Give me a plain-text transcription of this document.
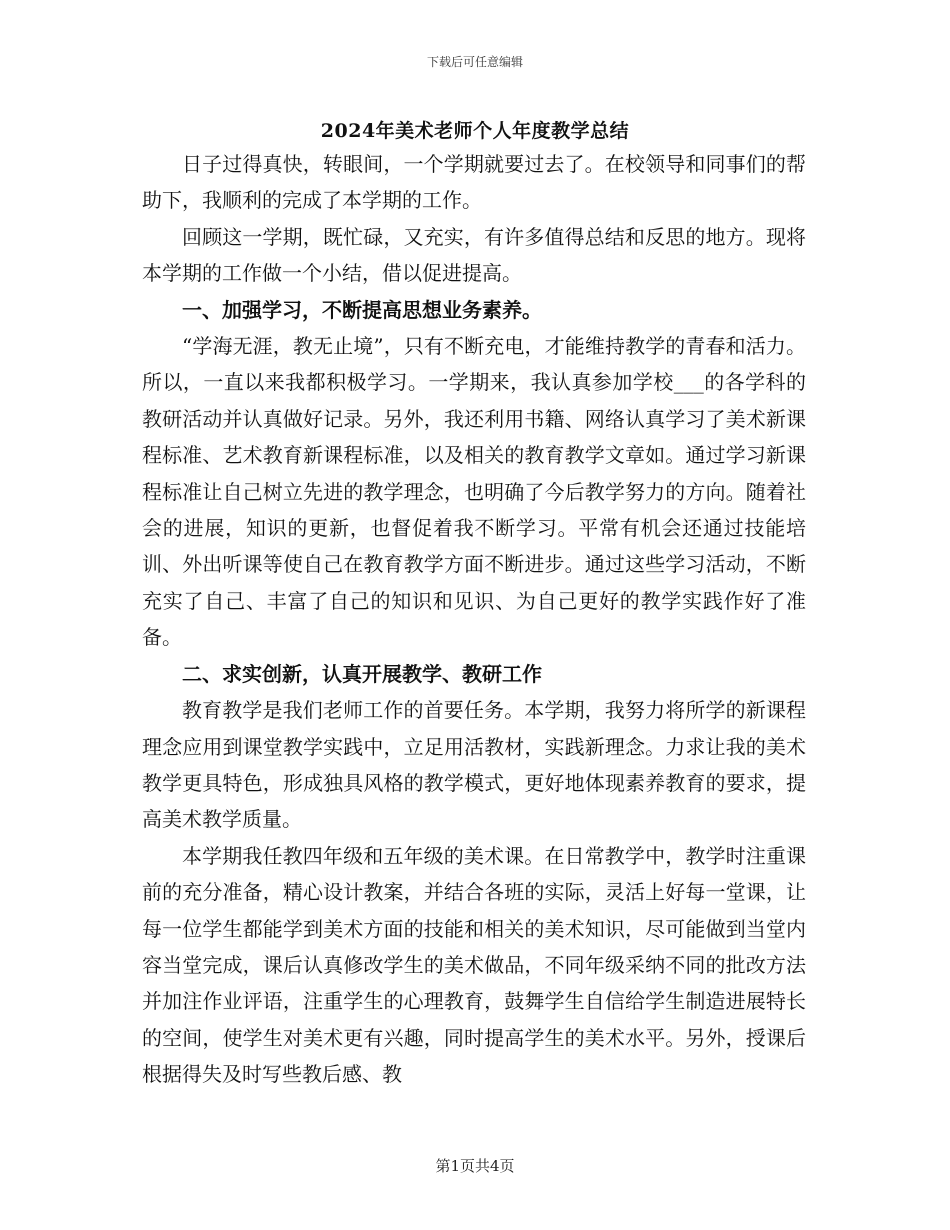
下载后可任意编辑
2024年美术老师个人年度教学总结

日子过得真快，转眼间，一个学期就要过去了。在校领导和同事们的帮助下，我顺利的完成了本学期的工作。

回顾这一学期，既忙碌，又充实，有许多值得总结和反思的地方。现将本学期的工作做一个小结，借以促进提高。

一、加强学习，不断提高思想业务素养。

“学海无涯，教无止境”，只有不断充电，才能维持教学的青春和活力。所以，一直以来我都积极学习。一学期来，我认真参加学校___的各学科的教研活动并认真做好记录。另外，我还利用书籍、网络认真学习了美术新课程标准、艺术教育新课程标准，以及相关的教育教学文章如。通过学习新课程标准让自己树立先进的教学理念，也明确了今后教学努力的方向。随着社会的进展，知识的更新，也督促着我不断学习。平常有机会还通过技能培训、外出听课等使自己在教育教学方面不断进步。通过这些学习活动，不断充实了自己、丰富了自己的知识和见识、为自己更好的教学实践作好了准备。

二、求实创新，认真开展教学、教研工作

教育教学是我们老师工作的首要任务。本学期，我努力将所学的新课程理念应用到课堂教学实践中，立足用活教材，实践新理念。力求让我的美术教学更具特色，形成独具风格的教学模式，更好地体现素养教育的要求，提高美术教学质量。

本学期我任教四年级和五年级的美术课。在日常教学中，教学时注重课前的充分准备，精心设计教案，并结合各班的实际，灵活上好每一堂课，让每一位学生都能学到美术方面的技能和相关的美术知识，尽可能做到当堂内容当堂完成，课后认真修改学生的美术做品，不同年级采纳不同的批改方法并加注作业评语，注重学生的心理教育，鼓舞学生自信给学生制造进展特长的空间，使学生对美术更有兴趣，同时提高学生的美术水平。另外，授课后根据得失及时写些教后感、教

第1页共4页
